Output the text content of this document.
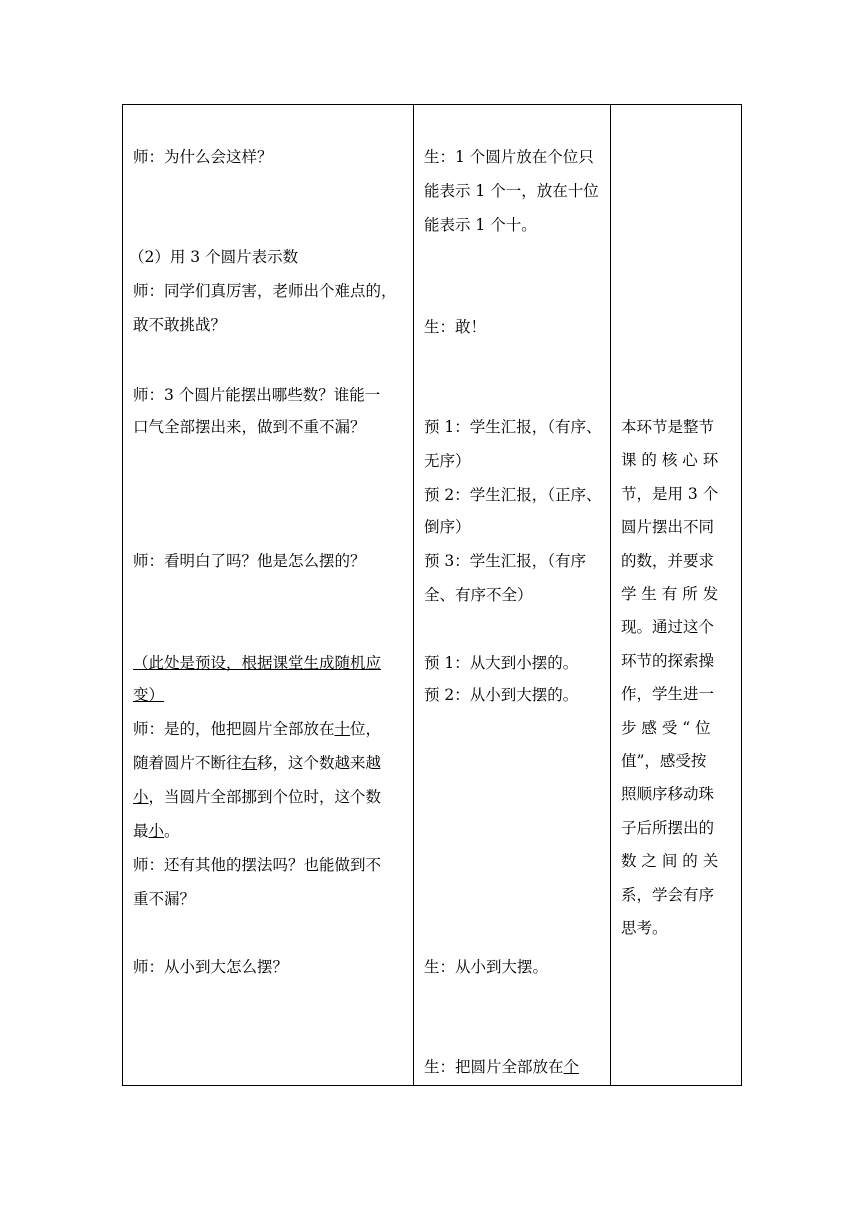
师：为什么会这样？
（2）用 3 个圆片表示数
师：同学们真厉害，老师出个难点的，
敢不敢挑战？
师：3 个圆片能摆出哪些数？谁能一
口气全部摆出来，做到不重不漏？
师：看明白了吗？他是怎么摆的？
（此处是预设，根据课堂生成随机应
变）
师：是的，他把圆片全部放在十位，
随着圆片不断往右移，这个数越来越
小，当圆片全部挪到个位时，这个数
最小。
师：还有其他的摆法吗？也能做到不
重不漏？
师：从小到大怎么摆？

生：1 个圆片放在个位只
能表示 1 个一，放在十位
能表示 1 个十。
生：敢！
预 1：学生汇报，（有序、
无序）
预 2：学生汇报，（正序、
倒序）
预 3：学生汇报，（有序
全、有序不全）
预 1：从大到小摆的。
预 2：从小到大摆的。
生：从小到大摆。
生：把圆片全部放在个

本环节是整节
课 的 核 心 环
节，是用 3 个
圆片摆出不同
的数，并要求
学 生 有 所 发
现。通过这个
环节的探索操
作，学生进一
步 感 受 “ 位
值”，感受按
照顺序移动珠
子后所摆出的
数 之 间 的 关
系，学会有序
思考。
